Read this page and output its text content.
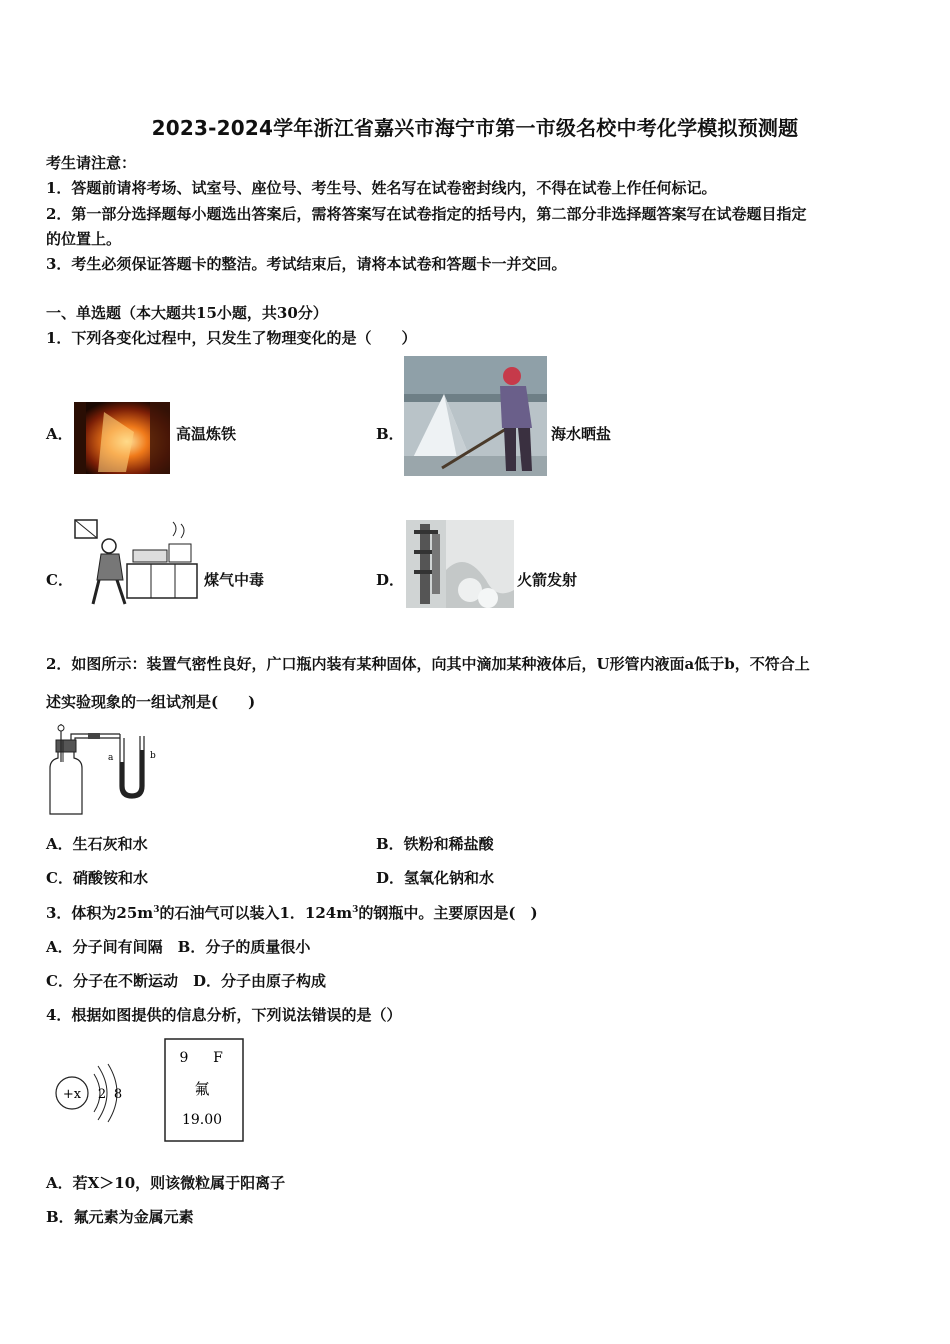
2023-2024学年浙江省嘉兴市海宁市第一市级名校中考化学模拟预测题
考生请注意：
1．答题前请将考场、试室号、座位号、考生号、姓名写在试卷密封线内，不得在试卷上作任何标记。
2．第一部分选择题每小题选出答案后，需将答案写在试卷指定的括号内，第二部分非选择题答案写在试卷题目指定
的位置上。
3．考生必须保证答题卡的整洁。考试结束后，请将本试卷和答题卡一并交回。
一、单选题（本大题共15小题，共30分）
1．下列各变化过程中，只发生了物理变化的是（　　）
A．	高温炼铁	B．	海水晒盐
C．	煤气中毒	D．	火箭发射
2．如图所示：装置气密性良好，广口瓶内装有某种固体，向其中滴加某种液体后，U形管内液面a低于b，不符合上
述实验现象的一组试剂是(　　)
a	b
A．生石灰和水	B．铁粉和稀盐酸
C．硝酸铵和水	D．氢氧化钠和水
3．体积为$25m^3$的石油气可以装入1．$124m^3$的钢瓶中。主要原因是(　)
A．分子间有间隔　B．分子的质量很小
C．分子在不断运动　D．分子由原子构成
4．根据如图提供的信息分析，下列说法错误的是（）
+x 2 8
9 F
氟
19.00
A．若X＞10，则该微粒属于阳离子
B．氟元素为金属元素
